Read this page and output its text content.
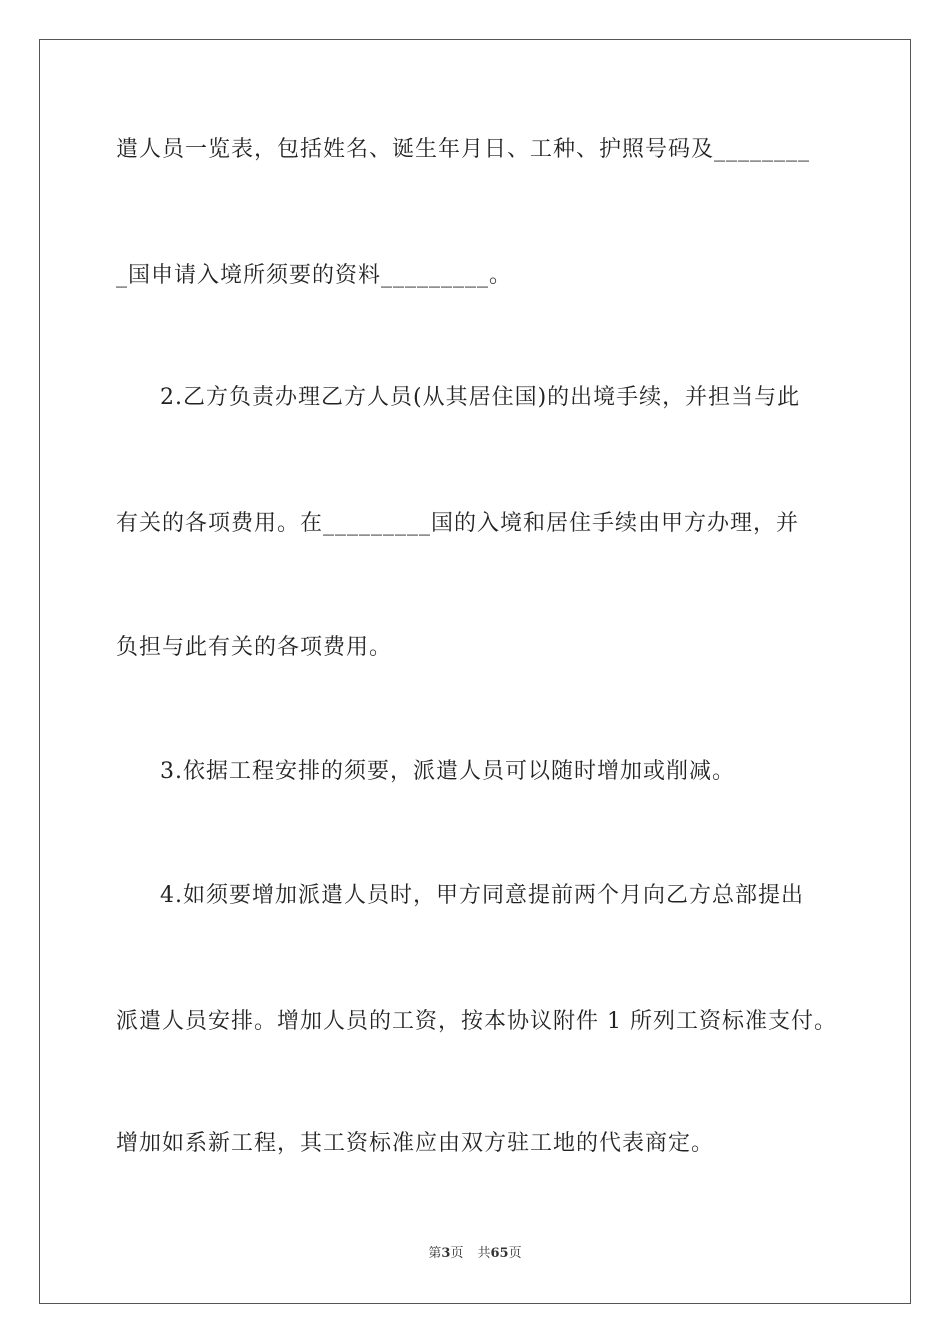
遣人员一览表，包括姓名、诞生年月日、工种、护照号码及________
_国申请入境所须要的资料_________。
2.乙方负责办理乙方人员(从其居住国)的出境手续，并担当与此
有关的各项费用。在_________国的入境和居住手续由甲方办理，并
负担与此有关的各项费用。
3.依据工程安排的须要，派遣人员可以随时增加或削减。
4.如须要增加派遣人员时，甲方同意提前两个月向乙方总部提出
派遣人员安排。增加人员的工资，按本协议附件 1 所列工资标准支付。
增加如系新工程，其工资标准应由双方驻工地的代表商定。
第3页 共65页
